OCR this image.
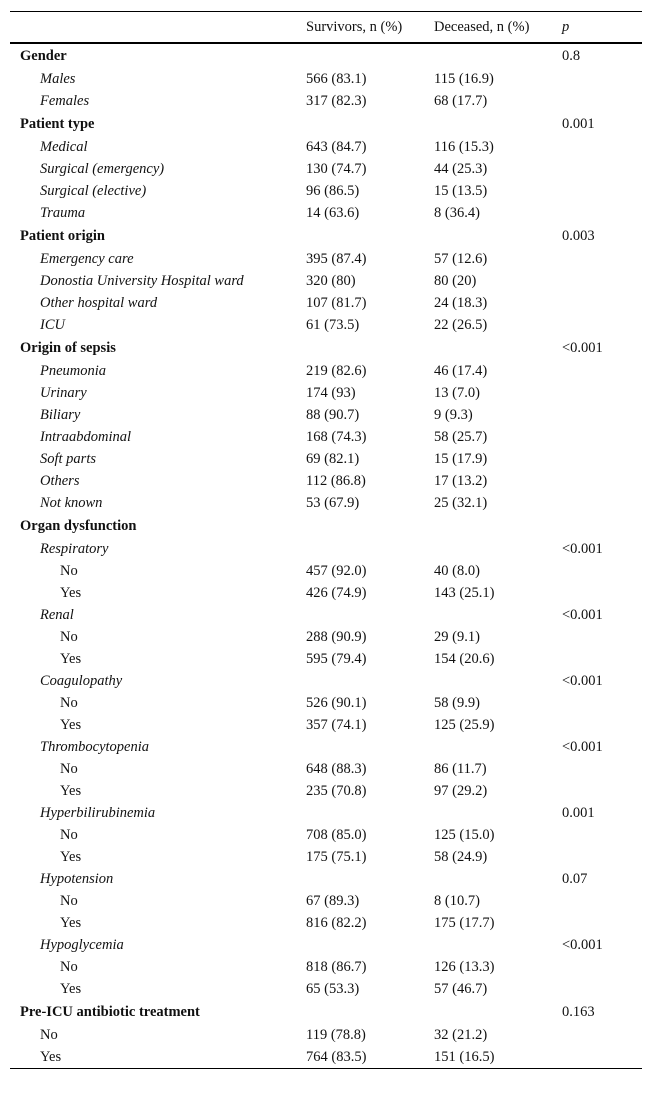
	Survivors, n (%)	Deceased, n (%)	p
Gender			0.8
Males	566 (83.1)	115 (16.9)	
Females	317 (82.3)	68 (17.7)	
Patient type			0.001
Medical	643 (84.7)	116 (15.3)	
Surgical (emergency)	130 (74.7)	44 (25.3)	
Surgical (elective)	96 (86.5)	15 (13.5)	
Trauma	14 (63.6)	8 (36.4)	
Patient origin			0.003
Emergency care	395 (87.4)	57 (12.6)	
Donostia University Hospital ward	320 (80)	80 (20)	
Other hospital ward	107 (81.7)	24 (18.3)	
ICU	61 (73.5)	22 (26.5)	
Origin of sepsis			<0.001
Pneumonia	219 (82.6)	46 (17.4)	
Urinary	174 (93)	13 (7.0)	
Biliary	88 (90.7)	9 (9.3)	
Intraabdominal	168 (74.3)	58 (25.7)	
Soft parts	69 (82.1)	15 (17.9)	
Others	112 (86.8)	17 (13.2)	
Not known	53 (67.9)	25 (32.1)	
Organ dysfunction			
Respiratory			<0.001
No	457 (92.0)	40 (8.0)	
Yes	426 (74.9)	143 (25.1)	
Renal			<0.001
No	288 (90.9)	29 (9.1)	
Yes	595 (79.4)	154 (20.6)	
Coagulopathy			<0.001
No	526 (90.1)	58 (9.9)	
Yes	357 (74.1)	125 (25.9)	
Thrombocytopenia			<0.001
No	648 (88.3)	86 (11.7)	
Yes	235 (70.8)	97 (29.2)	
Hyperbilirubinemia			0.001
No	708 (85.0)	125 (15.0)	
Yes	175 (75.1)	58 (24.9)	
Hypotension			0.07
No	67 (89.3)	8 (10.7)	
Yes	816 (82.2)	175 (17.7)	
Hypoglycemia			<0.001
No	818 (86.7)	126 (13.3)	
Yes	65 (53.3)	57 (46.7)	
Pre-ICU antibiotic treatment			0.163
No	119 (78.8)	32 (21.2)	
Yes	764 (83.5)	151 (16.5)	
